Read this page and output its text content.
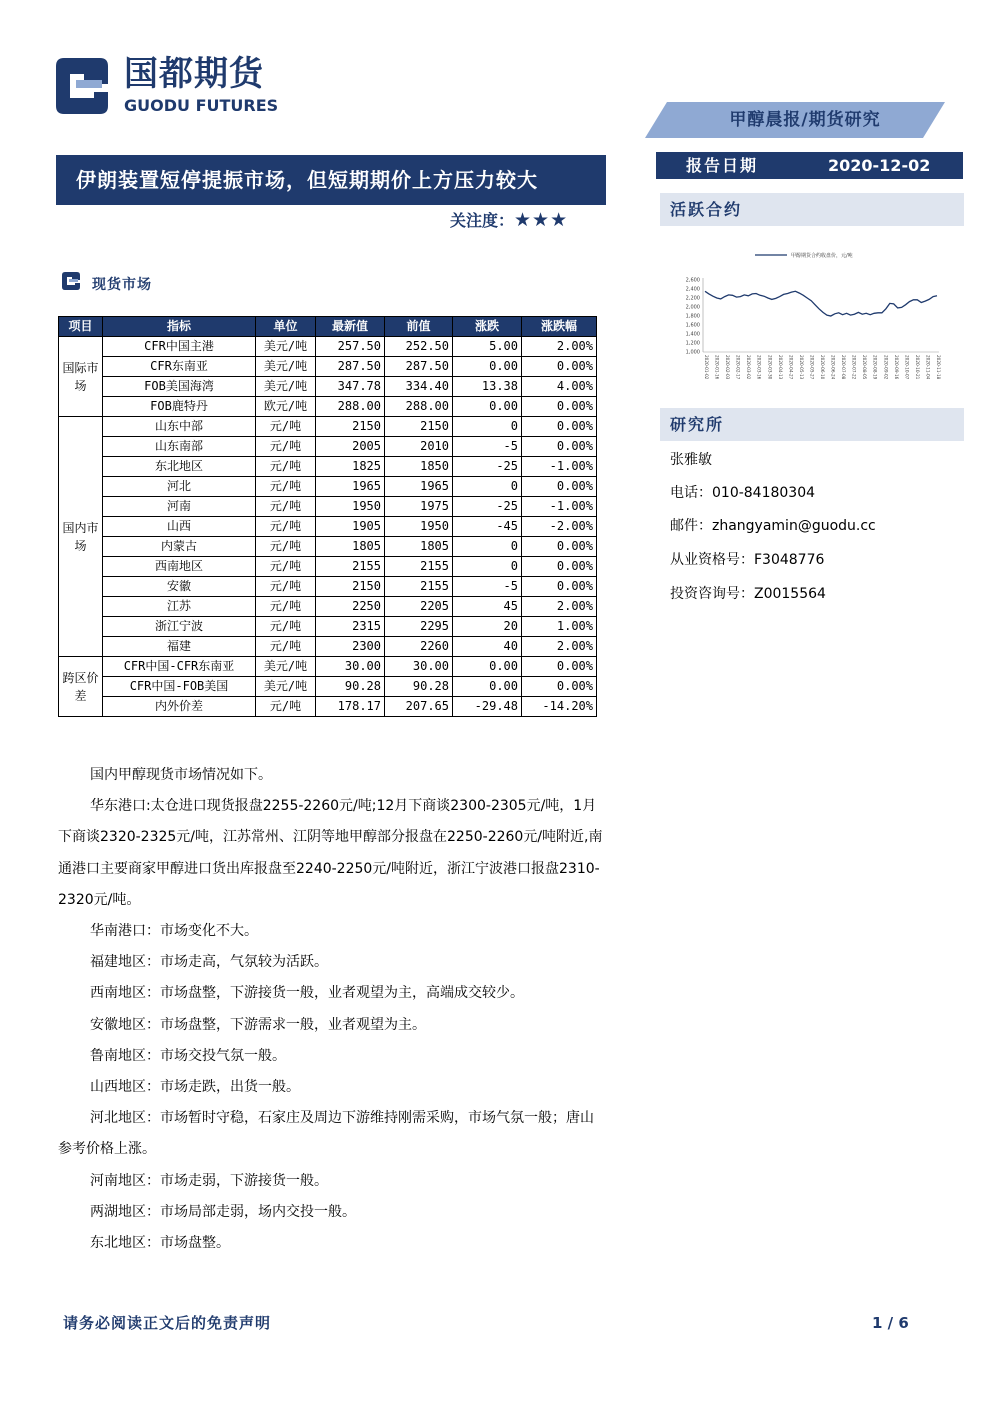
国都期货
GUODU FUTURES
甲醇晨报/期货研究
伊朗装置短停提振市场，但短期期价上方压力较大
关注度：★★★
报告日期	2020-12-02
活跃合约
甲醇期货合约收盘价，元/吨
2,600
2,400
2,200
2,000
1,800
1,600
1,400
1,200
1,000
2020-01-02 2020-01-16 2020-02-03 2020-02-17 2020-03-02 2020-03-16 2020-03-30 2020-04-13 2020-04-27 2020-05-13 2020-05-27 2020-06-10 2020-06-24 2020-07-08 2020-07-22 2020-08-05 2020-08-19 2020-09-02 2020-09-16 2020-10-07 2020-10-21 2020-11-04 2020-11-18
研究所
张雅敏
电话：010-84180304
邮件：zhangyamin@guodu.cc
从业资格号：F3048776
投资咨询号：Z0015564
现货市场
项目	指标	单位	最新值	前值	涨跌	涨跌幅
国际市场	CFR中国主港	美元/吨	257.50	252.50	5.00	2.00%
	CFR东南亚	美元/吨	287.50	287.50	0.00	0.00%
	FOB美国海湾	美元/吨	347.78	334.40	13.38	4.00%
	FOB鹿特丹	欧元/吨	288.00	288.00	0.00	0.00%
国内市场	山东中部	元/吨	2150	2150	0	0.00%
	山东南部	元/吨	2005	2010	-5	0.00%
	东北地区	元/吨	1825	1850	-25	-1.00%
	河北	元/吨	1965	1965	0	0.00%
	河南	元/吨	1950	1975	-25	-1.00%
	山西	元/吨	1905	1950	-45	-2.00%
	内蒙古	元/吨	1805	1805	0	0.00%
	西南地区	元/吨	2155	2155	0	0.00%
	安徽	元/吨	2150	2155	-5	0.00%
	江苏	元/吨	2250	2205	45	2.00%
	浙江宁波	元/吨	2315	2295	20	1.00%
	福建	元/吨	2300	2260	40	2.00%
跨区价差	CFR中国-CFR东南亚	美元/吨	30.00	30.00	0.00	0.00%
	CFR中国-FOB美国	美元/吨	90.28	90.28	0.00	0.00%
	内外价差	元/吨	178.17	207.65	-29.48	-14.20%

国内甲醇现货市场情况如下。

华东港口:太仓进口现货报盘2255-2260元/吨;12月下商谈2300-2305元/吨，1月下商谈2320-2325元/吨，江苏常州、江阴等地甲醇部分报盘在2250-2260元/吨附近,南通港口主要商家甲醇进口货出库报盘至2240-2250元/吨附近，浙江宁波港口报盘2310-2320元/吨。

华南港口：市场变化不大。

福建地区：市场走高，气氛较为活跃。

西南地区：市场盘整，下游接货一般，业者观望为主，高端成交较少。

安徽地区：市场盘整，下游需求一般，业者观望为主。

鲁南地区：市场交投气氛一般。

山西地区：市场走跌，出货一般。

河北地区：市场暂时守稳，石家庄及周边下游维持刚需采购，市场气氛一般；唐山参考价格上涨。

河南地区：市场走弱，下游接货一般。

两湖地区：市场局部走弱，场内交投一般。

东北地区：市场盘整。

请务必阅读正文后的免责声明	1 / 6
